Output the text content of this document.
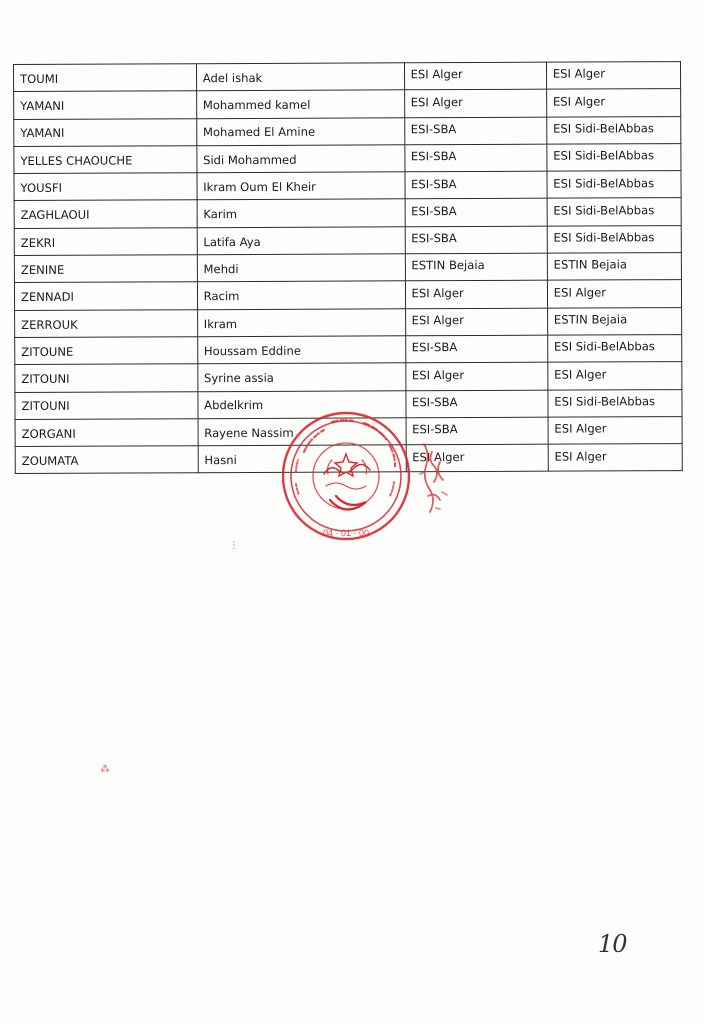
TOUMI	Adel ishak	ESI Alger	ESI Alger
YAMANI	Mohammed kamel	ESI Alger	ESI Alger
YAMANI	Mohamed El Amine	ESI-SBA	ESI Sidi-BelAbbas
YELLES CHAOUCHE	Sidi Mohammed	ESI-SBA	ESI Sidi-BelAbbas
YOUSFI	Ikram Oum El Kheir	ESI-SBA	ESI Sidi-BelAbbas
ZAGHLAOUI	Karim	ESI-SBA	ESI Sidi-BelAbbas
ZEKRI	Latifa Aya	ESI-SBA	ESI Sidi-BelAbbas
ZENINE	Mehdi	ESTIN Bejaia	ESTIN Bejaia
ZENNADI	Racim	ESI Alger	ESI Alger
ZERROUK	Ikram	ESI Alger	ESTIN Bejaia
ZITOUNE	Houssam Eddine	ESI-SBA	ESI Sidi-BelAbbas
ZITOUNI	Syrine assia	ESI Alger	ESI Alger
ZITOUNI	Abdelkrim	ESI-SBA	ESI Sidi-BelAbbas
ZORGANI	Rayene Nassim	ESI-SBA	ESI Alger
ZOUMATA	Hasni	ESI Alger	ESI Alger
04 · 01 · 00
⋮
⁂
10
